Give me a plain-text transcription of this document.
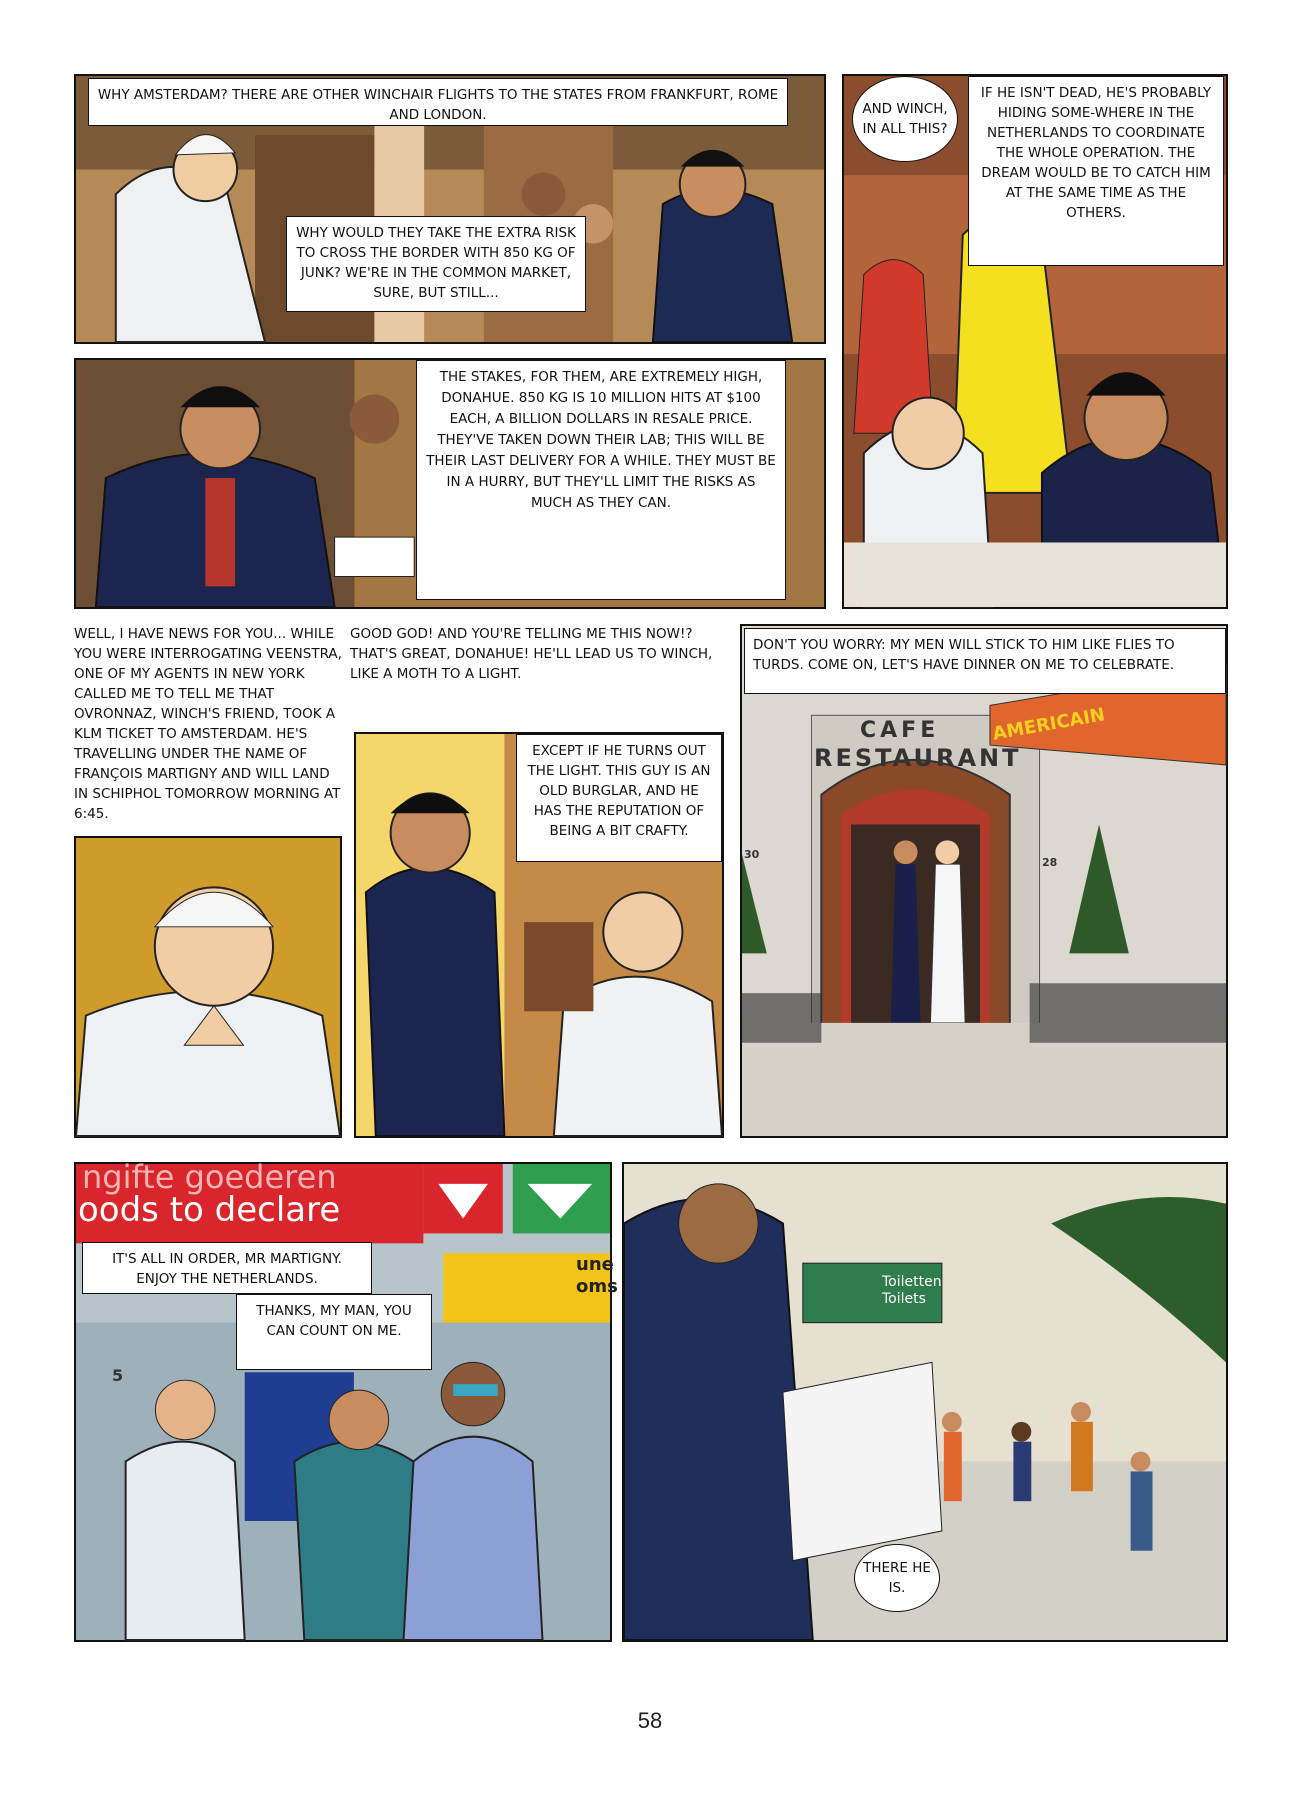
WHY AMSTERDAM? THERE ARE OTHER WINCHAIR FLIGHTS TO THE STATES FROM FRANKFURT, ROME AND LONDON.
WHY WOULD THEY TAKE THE EXTRA RISK TO CROSS THE BORDER WITH 850 KG OF JUNK? WE'RE IN THE COMMON MARKET, SURE, BUT STILL...
AND WINCH, IN ALL THIS?
IF HE ISN'T DEAD, HE'S PROBABLY HIDING SOME-WHERE IN THE NETHERLANDS TO COORDINATE THE WHOLE OPERATION. THE DREAM WOULD BE TO CATCH HIM AT THE SAME TIME AS THE OTHERS.
THE STAKES, FOR THEM, ARE EXTREMELY HIGH, DONAHUE. 850 KG IS 10 MILLION HITS AT $100 EACH, A BILLION DOLLARS IN RESALE PRICE. THEY'VE TAKEN DOWN THEIR LAB; THIS WILL BE THEIR LAST DELIVERY FOR A WHILE. THEY MUST BE IN A HURRY, BUT THEY'LL LIMIT THE RISKS AS MUCH AS THEY CAN.
WELL, I HAVE NEWS FOR YOU... WHILE YOU WERE INTERROGATING VEENSTRA, ONE OF MY AGENTS IN NEW YORK CALLED ME TO TELL ME THAT OVRONNAZ, WINCH'S FRIEND, TOOK A KLM TICKET TO AMSTERDAM. HE'S TRAVELLING UNDER THE NAME OF FRANÇOIS MARTIGNY AND WILL LAND IN SCHIPHOL TOMORROW MORNING AT 6:45.
GOOD GOD! AND YOU'RE TELLING ME THIS NOW!? THAT'S GREAT, DONAHUE! HE'LL LEAD US TO WINCH, LIKE A MOTH TO A LIGHT.
EXCEPT IF HE TURNS OUT THE LIGHT. THIS GUY IS AN OLD BURGLAR, AND HE HAS THE REPUTATION OF BEING A BIT CRAFTY.
CAFE
RESTAURANT
AMERICAIN
30
28
DON'T YOU WORRY: MY MEN WILL STICK TO HIM LIKE FLIES TO TURDS. COME ON, LET'S HAVE DINNER ON ME TO CELEBRATE.
ngifte goederen
oods to declare
une
oms
5
IT'S ALL IN ORDER, MR MARTIGNY. ENJOY THE NETHERLANDS.
THANKS, MY MAN, YOU CAN COUNT ON ME.
Toiletten
Toilets
THERE HE IS.
58
